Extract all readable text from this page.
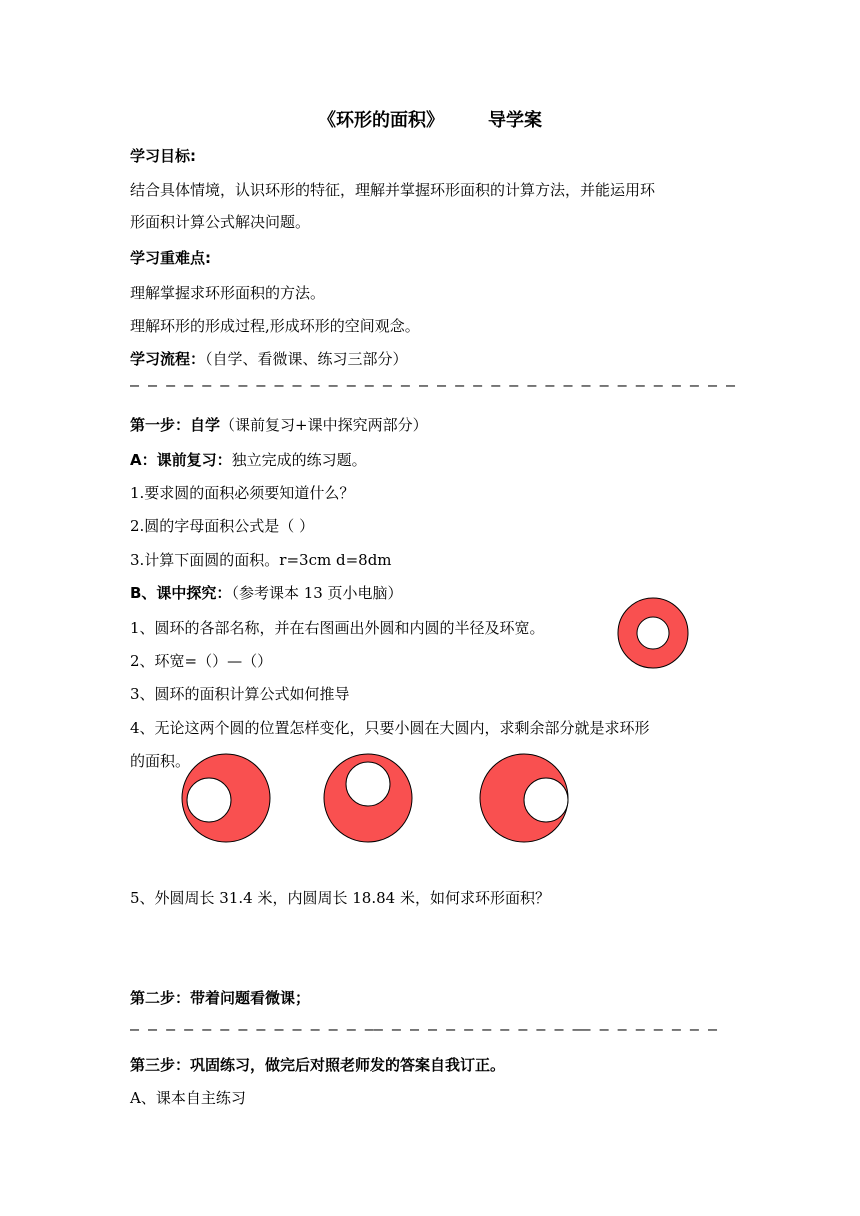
《环形的面积》 导学案
学习目标:
结合具体情境，认识环形的特征，理解并掌握环形面积的计算方法，并能运用环
形面积计算公式解决问题。
学习重难点:
理解掌握求环形面积的方法。
理解环形的形成过程,形成环形的空间观念。
学习流程：（自学、看微课、练习三部分）
– – – – – – – – – – – – – – – – – – – – – – – – – – – – – – – – – –
第一步：自学（课前复习+课中探究两部分）
A：课前复习：独立完成的练习题。
1.要求圆的面积必须要知道什么？
2.圆的字母面积公式是（ ）
3.计算下面圆的面积。r=3cm d=8dm
B、课中探究：（参考课本 13 页小电脑）
1、圆环的各部名称，并在右图画出外圆和内圆的半径及环宽。
2、环宽=（）—（）
3、圆环的面积计算公式如何推导
4、无论这两个圆的位置怎样变化，只要小圆在大圆内，求剩余部分就是求环形
的面积。
5、外圆周长 31.4 米，内圆周长 18.84 米，如何求环形面积？
第二步：带着问题看微课；
– – – – – – – – – – – – – –– – – – – – – – – – – –– – – – – – – –
第三步：巩固练习，做完后对照老师发的答案自我订正。
A、课本自主练习
